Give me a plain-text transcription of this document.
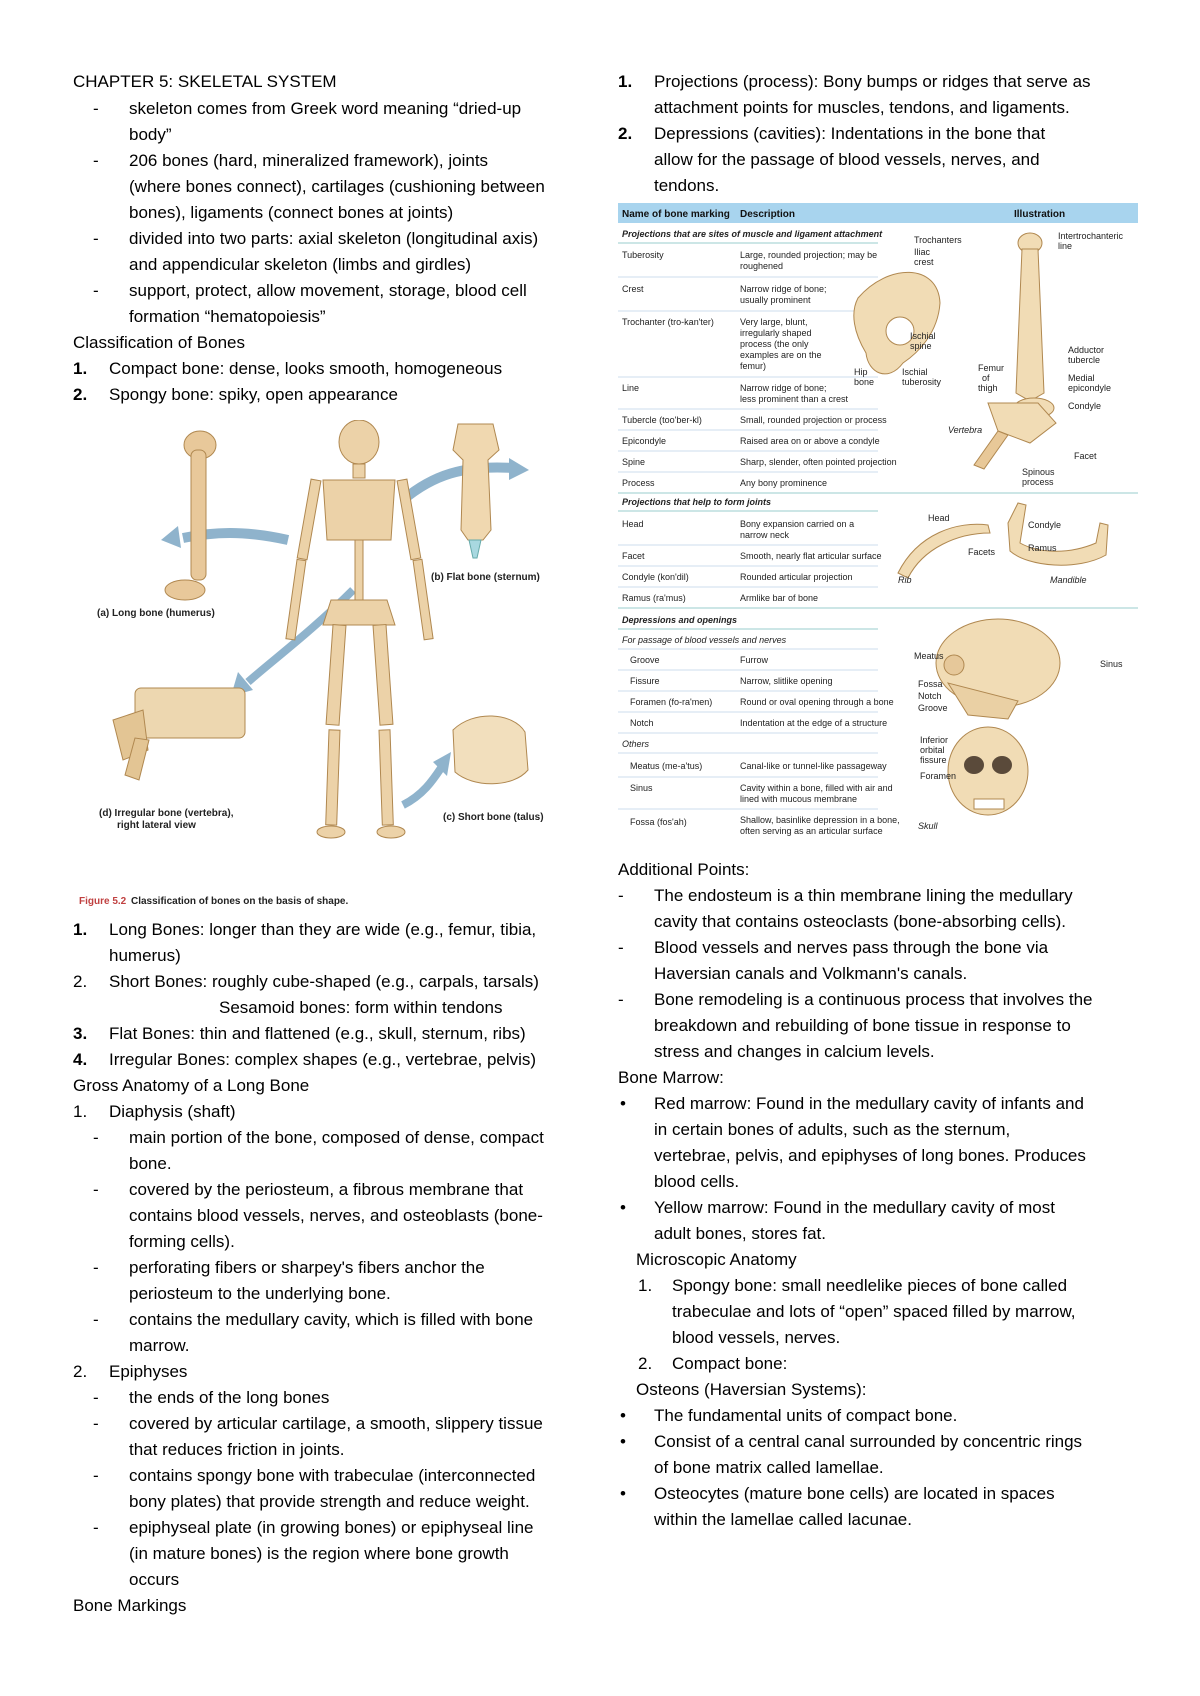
CHAPTER 5: SKELETAL SYSTEM
- skeleton comes from Greek word meaning “dried-up
body”
- 206 bones (hard, mineralized framework), joints
(where bones connect), cartilages (cushioning between
bones), ligaments (connect bones at joints)
- divided into two parts: axial skeleton (longitudinal axis)
and appendicular skeleton (limbs and girdles)
- support, protect, allow movement, storage, blood cell
formation “hematopoiesis”
Classification of Bones
1. Compact bone: dense, looks smooth, homogeneous
2. Spongy bone: spiky, open appearance
(a) Long bone (humerus)
(b) Flat bone (sternum)
(d) Irregular bone (vertebra),
right lateral view
(c) Short bone (talus)
Figure 5.2 Classification of bones on the basis of shape.
1. Long Bones: longer than they are wide (e.g., femur, tibia,
humerus)
2. Short Bones: roughly cube-shaped (e.g., carpals, tarsals)
Sesamoid bones: form within tendons
3. Flat Bones: thin and flattened (e.g., skull, sternum, ribs)
4. Irregular Bones: complex shapes (e.g., vertebrae, pelvis)
Gross Anatomy of a Long Bone
1. Diaphysis (shaft)
- main portion of the bone, composed of dense, compact
bone.
- covered by the periosteum, a fibrous membrane that
contains blood vessels, nerves, and osteoblasts (bone-
forming cells).
- perforating fibers or sharpey's fibers anchor the
periosteum to the underlying bone.
- contains the medullary cavity, which is filled with bone
marrow.
2. Epiphyses
- the ends of the long bones
- covered by articular cartilage, a smooth, slippery tissue
that reduces friction in joints.
- contains spongy bone with trabeculae (interconnected
bony plates) that provide strength and reduce weight.
- epiphyseal plate (in growing bones) or epiphyseal line
(in mature bones) is the region where bone growth
occurs
Bone Markings
1. Projections (process): Bony bumps or ridges that serve as
attachment points for muscles, tendons, and ligaments.
2. Depressions (cavities): Indentations in the bone that
allow for the passage of blood vessels, nerves, and
tendons.
Name of bone marking Description	Illustration
Projections that are sites of muscle and ligament attachment
Tuberosity	Large, rounded projection; may be
roughened
Crest	Narrow ridge of bone;
usually prominent
Trochanter (tro-kan'ter)	Very large, blunt,
irregularly shaped
process (the only
examples are on the
femur)
Line	Narrow ridge of bone;
less prominent than a crest
Tubercle (too'ber-kl)	Small, rounded projection or process
Epicondyle	Raised area on or above a condyle
Spine	Sharp, slender, often pointed projection
Process	Any bony prominence
Trochanters
Iliac
crest
Intertrochanteric
line
Ischial
spine
Hip
bone
Ischial
tuberosity
Femur
of
thigh
Adductor
tubercle
Medial
epicondyle
Condyle
Vertebra
Facet
Spinous
process
Projections that help to form joints
Head	Bony expansion carried on a
narrow neck
Facet	Smooth, nearly flat articular surface
Condyle (kon'dil)	Rounded articular projection
Ramus (ra'mus)	Armlike bar of bone
Head
Condyle
Ramus
Facets
Rib	Mandible
Depressions and openings
For passage of blood vessels and nerves
Groove	Furrow
Fissure	Narrow, slitlike opening
Foramen (fo-ra'men)	Round or oval opening through a bone
Notch	Indentation at the edge of a structure
Others
Meatus (me-a'tus)	Canal-like or tunnel-like passageway
Sinus	Cavity within a bone, filled with air and
lined with mucous membrane
Fossa (fos'ah)	Shallow, basinlike depression in a bone,
often serving as an articular surface
Meatus
Sinus
Fossa
Notch
Groove
Inferior
orbital
fissure
Foramen
Skull
Additional Points:
- The endosteum is a thin membrane lining the medullary
cavity that contains osteoclasts (bone-absorbing cells).
- Blood vessels and nerves pass through the bone via
Haversian canals and Volkmann's canals.
- Bone remodeling is a continuous process that involves the
breakdown and rebuilding of bone tissue in response to
stress and changes in calcium levels.
Bone Marrow:
• Red marrow: Found in the medullary cavity of infants and
in certain bones of adults, such as the sternum,
vertebrae, pelvis, and epiphyses of long bones. Produces
blood cells.
• Yellow marrow: Found in the medullary cavity of most
adult bones, stores fat.
Microscopic Anatomy
1. Spongy bone: small needlelike pieces of bone called
trabeculae and lots of “open” spaced filled by marrow,
blood vessels, nerves.
2. Compact bone:
Osteons (Haversian Systems):
• The fundamental units of compact bone.
• Consist of a central canal surrounded by concentric rings
of bone matrix called lamellae.
• Osteocytes (mature bone cells) are located in spaces
within the lamellae called lacunae.
